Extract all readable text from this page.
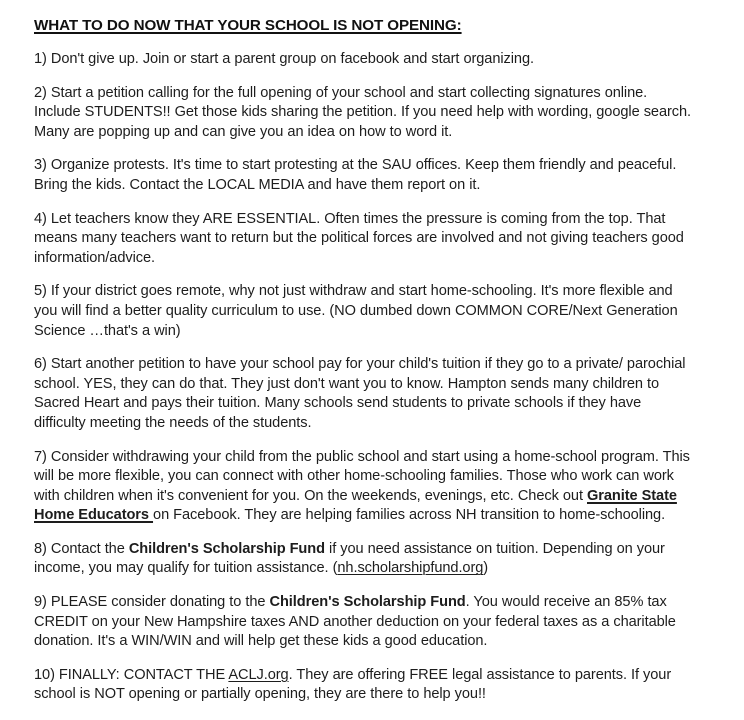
WHAT TO DO NOW THAT YOUR SCHOOL IS NOT OPENING:

1) Don't give up. Join or start a parent group on facebook and start organizing.

2) Start a petition calling for the full opening of your school and start collecting signatures online. Include STUDENTS!! Get those kids sharing the petition. If you need help with wording, google search. Many are popping up and can give you an idea on how to word it.

3) Organize protests. It's time to start protesting at the SAU offices. Keep them friendly and peaceful. Bring the kids. Contact the LOCAL MEDIA and have them report on it.

4) Let teachers know they ARE ESSENTIAL. Often times the pressure is coming from the top. That means many teachers want to return but the political forces are involved and not giving teachers good information/advice.

5) If your district goes remote, why not just withdraw and start home-schooling. It's more flexible and you will find a better quality curriculum to use. (NO dumbed down COMMON CORE/Next Generation Science …that's a win)

6) Start another petition to have your school pay for your child's tuition if they go to a private/ parochial school. YES, they can do that. They just don't want you to know. Hampton sends many children to Sacred Heart and pays their tuition. Many schools send students to private schools if they have difficulty meeting the needs of the students.

7) Consider withdrawing your child from the public school and start using a home-school program. This will be more flexible, you can connect with other home-schooling families. Those who work can work with children when it's convenient for you. On the weekends, evenings, etc. Check out Granite State Home Educators on Facebook. They are helping families across NH transition to home-schooling.

8) Contact the Children's Scholarship Fund if you need assistance on tuition. Depending on your income, you may qualify for tuition assistance. (nh.scholarshipfund.org)

9) PLEASE consider donating to the Children's Scholarship Fund. You would receive an 85% tax CREDIT on your New Hampshire taxes AND another deduction on your federal taxes as a charitable donation. It's a WIN/WIN and will help get these kids a good education.

10) FINALLY: CONTACT THE ACLJ.org. They are offering FREE legal assistance to parents. If your school is NOT opening or partially opening, they are there to help you!!
